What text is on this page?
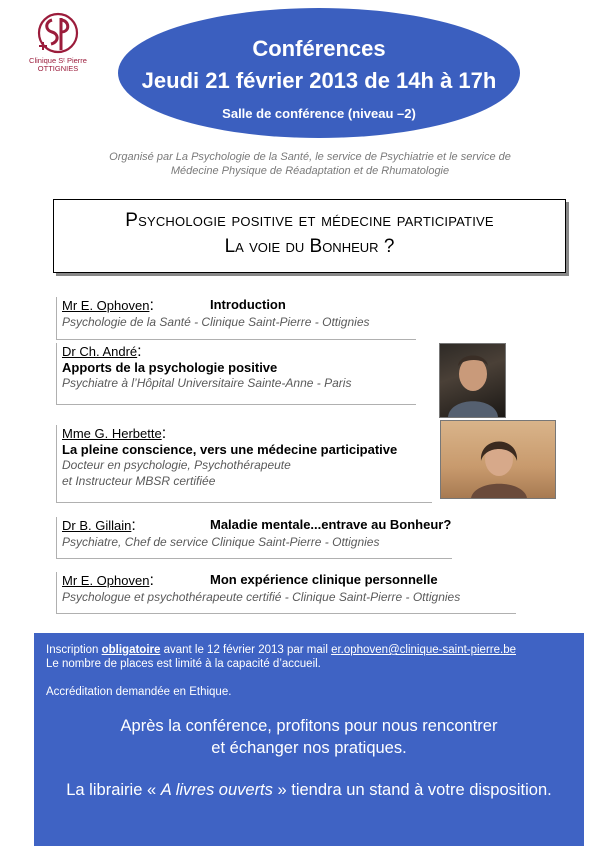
Clinique Sᵗ Pierre
OTTIGNIES
Conférences
Jeudi 21 février 2013 de 14h à 17h
Salle de conférence (niveau –2)
Organisé par La Psychologie de la Santé, le service de Psychiatrie et le service de Médecine Physique de Réadaptation et de Rhumatologie
Psychologie positive et médecine participative
La voie du Bonheur ?
Mr E. Ophoven:	Introduction
Psychologie de la Santé - Clinique Saint-Pierre - Ottignies
Dr Ch. André:
Apports de la psychologie positive
Psychiatre à l’Hôpital Universitaire Sainte-Anne - Paris
Mme G. Herbette:
La pleine conscience, vers une médecine participative
Docteur en psychologie, Psychothérapeute
et Instructeur MBSR certifiée
Dr B. Gillain:	Maladie mentale...entrave au Bonheur?
Psychiatre, Chef de service Clinique Saint-Pierre - Ottignies
Mr E. Ophoven:	Mon expérience clinique personnelle
Psychologue et psychothérapeute certifié - Clinique Saint-Pierre - Ottignies
Inscription obligatoire avant le 12 février 2013 par mail er.ophoven@clinique-saint-pierre.be
Le nombre de places est limité à la capacité d’accueil.
Accréditation demandée en Ethique.
Après la conférence, profitons pour nous rencontrer
et échanger nos pratiques.
La librairie « A livres ouverts » tiendra un stand à votre disposition.
